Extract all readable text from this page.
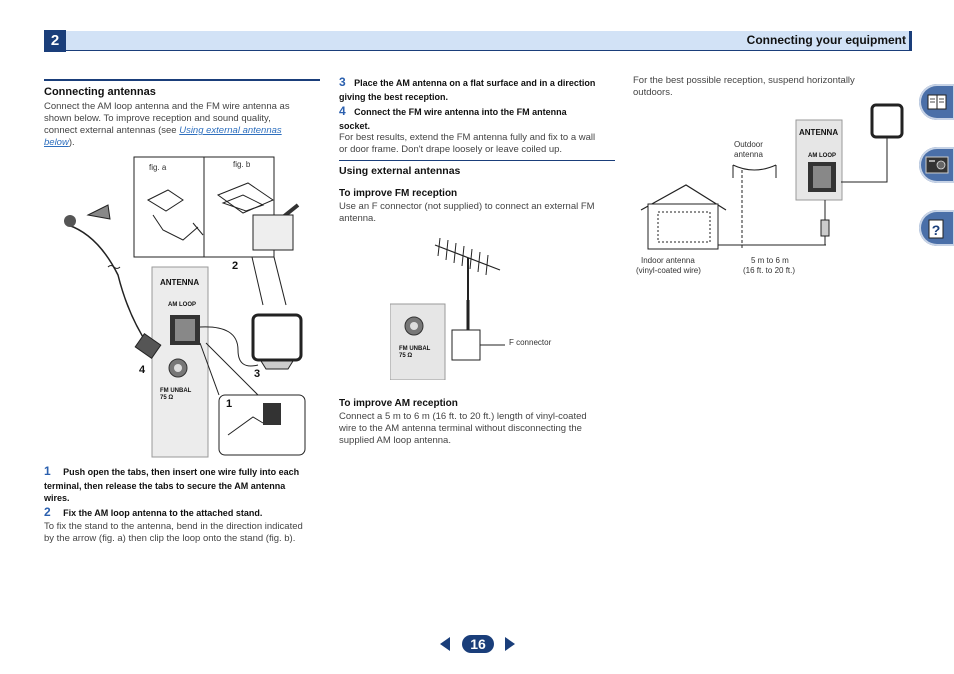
2	Connecting your equipment
?
Connecting antennas
Connect the AM loop antenna and the FM wire antenna as
shown below. To improve reception and sound quality,
connect external antennas (see Using external antennas
below).
fig. a	fig. b
ANTENNA
AM LOOP
FM UNBAL
75 Ω	1
2
3
4
1 Push open the tabs, then insert one wire fully into each
terminal, then release the tabs to secure the AM antenna
wires.
2 Fix the AM loop antenna to the attached stand.
To fix the stand to the antenna, bend in the direction indicated
by the arrow (fig. a) then clip the loop onto the stand (fig. b).
3 Place the AM antenna on a flat surface and in a direction
giving the best reception.
4 Connect the FM wire antenna into the FM antenna
socket.
For best results, extend the FM antenna fully and fix to a wall
or door frame. Don't drape loosely or leave coiled up.
Using external antennas
To improve FM reception
Use an F connector (not supplied) to connect an external FM
antenna.
FM UNBAL
75 Ω
F connector
To improve AM reception
Connect a 5 m to 6 m (16 ft. to 20 ft.) length of vinyl-coated
wire to the AM antenna terminal without disconnecting the
supplied AM loop antenna.
For the best possible reception, suspend horizontally
outdoors.
Outdoor
antenna
ANTENNA
AM LOOP
Indoor antenna
(vinyl-coated wire)
5 m to 6 m
(16 ft. to 20 ft.)
16
